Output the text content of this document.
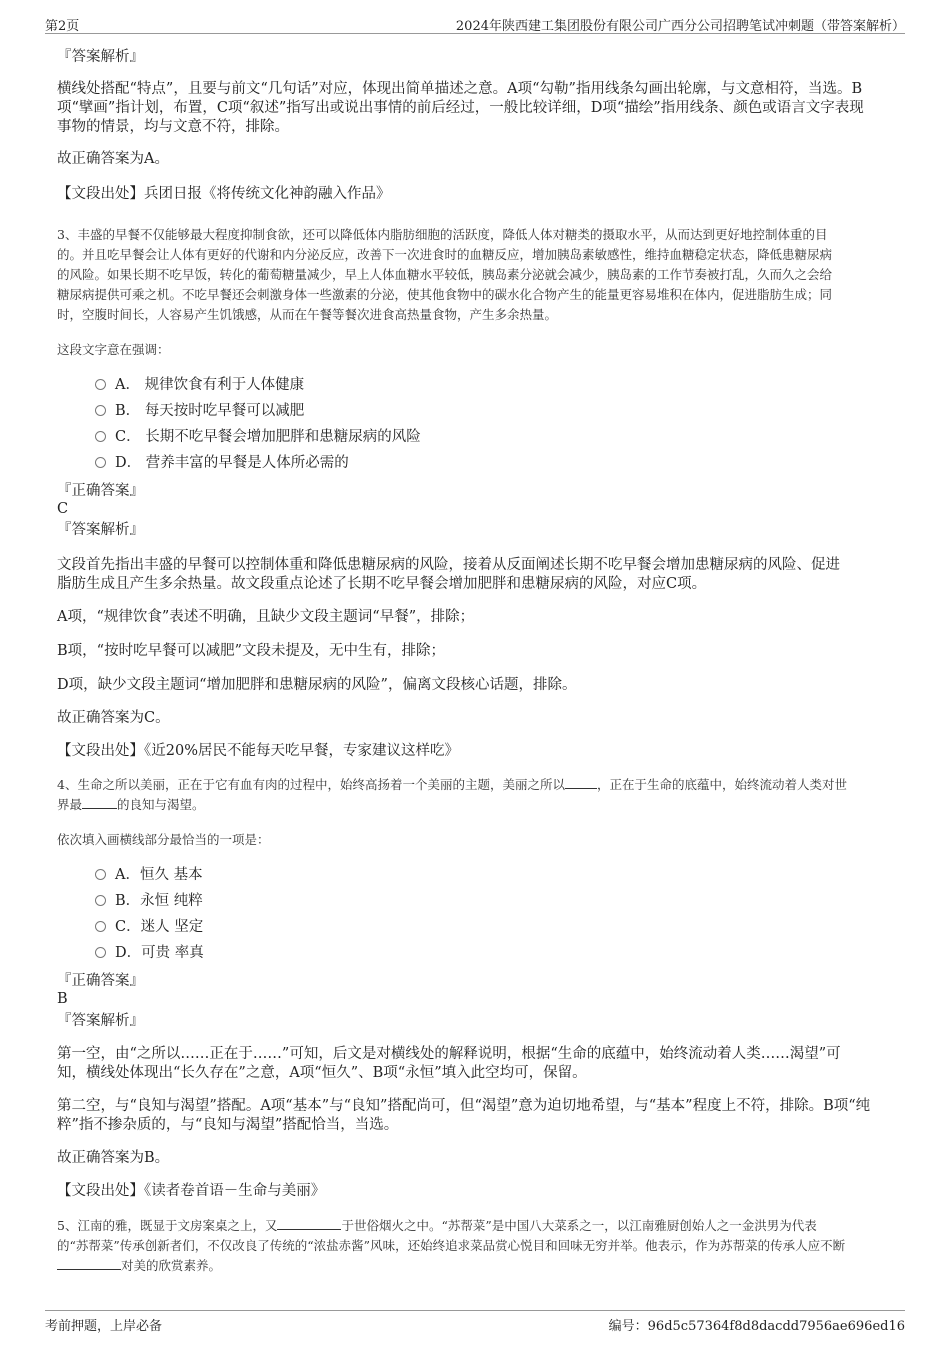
第2页	2024年陕西建工集团股份有限公司广西分公司招聘笔试冲刺题（带答案解析）
『答案解析』
横线处搭配“特点”，且要与前文“几句话”对应，体现出简单描述之意。A项“勾勒”指用线条勾画出轮廓，与文意相符，当选。B
项“擘画”指计划，布置，C项“叙述”指写出或说出事情的前后经过，一般比较详细，D项“描绘”指用线条、颜色或语言文字表现
事物的情景，均与文意不符，排除。
故正确答案为A。
【文段出处】兵团日报《将传统文化神韵融入作品》
3、丰盛的早餐不仅能够最大程度抑制食欲，还可以降低体内脂肪细胞的活跃度，降低人体对糖类的摄取水平，从而达到更好地控制体重的目
的。并且吃早餐会让人体有更好的代谢和内分泌反应，改善下一次进食时的血糖反应，增加胰岛素敏感性，维持血糖稳定状态，降低患糖尿病
的风险。如果长期不吃早饭，转化的葡萄糖量减少，早上人体血糖水平较低，胰岛素分泌就会减少，胰岛素的工作节奏被打乱，久而久之会给
糖尿病提供可乘之机。不吃早餐还会刺激身体一些激素的分泌，使其他食物中的碳水化合物产生的能量更容易堆积在体内，促进脂肪生成；同
时，空腹时间长，人容易产生饥饿感，从而在午餐等餐次进食高热量食物，产生多余热量。
这段文字意在强调：
A． 规律饮食有利于人体健康
B． 每天按时吃早餐可以减肥
C． 长期不吃早餐会增加肥胖和患糖尿病的风险
D． 营养丰富的早餐是人体所必需的
『正确答案』
C
『答案解析』
文段首先指出丰盛的早餐可以控制体重和降低患糖尿病的风险，接着从反面阐述长期不吃早餐会增加患糖尿病的风险、促进
脂肪生成且产生多余热量。故文段重点论述了长期不吃早餐会增加肥胖和患糖尿病的风险，对应C项。
A项，“规律饮食”表述不明确，且缺少文段主题词“早餐”，排除；
B项，“按时吃早餐可以减肥”文段未提及，无中生有，排除；
D项，缺少文段主题词“增加肥胖和患糖尿病的风险”，偏离文段核心话题，排除。
故正确答案为C。
【文段出处】《近20%居民不能每天吃早餐，专家建议这样吃》
4、生命之所以美丽，正在于它有血有肉的过程中，始终高扬着一个美丽的主题，美丽之所以	，正在于生命的底蕴中，始终流动着人类对世
界最	的良知与渴望。
依次填入画横线部分最恰当的一项是：
A．恒久 基本
B．永恒 纯粹
C．迷人 坚定
D．可贵 率真
『正确答案』
B
『答案解析』
第一空，由“之所以……正在于……”可知，后文是对横线处的解释说明，根据“生命的底蕴中，始终流动着人类……渴望”可
知，横线处体现出“长久存在”之意，A项“恒久”、B项“永恒”填入此空均可，保留。
第二空，与“良知与渴望”搭配。A项“基本”与“良知”搭配尚可，但“渴望”意为迫切地希望，与“基本”程度上不符，排除。B项“纯
粹”指不掺杂质的，与“良知与渴望”搭配恰当，当选。
故正确答案为B。
【文段出处】《读者卷首语－生命与美丽》
5、江南的雅，既显于文房案桌之上，又	于世俗烟火之中。“苏帮菜”是中国八大菜系之一，以江南雅厨创始人之一金洪男为代表
的“苏帮菜”传承创新者们，不仅改良了传统的“浓盐赤酱”风味，还始终追求菜品赏心悦目和回味无穷并举。他表示，作为苏帮菜的传承人应不断
对美的欣赏素养。
考前押题，上岸必备	编号：96d5c57364f8d8dacdd7956ae696ed16
